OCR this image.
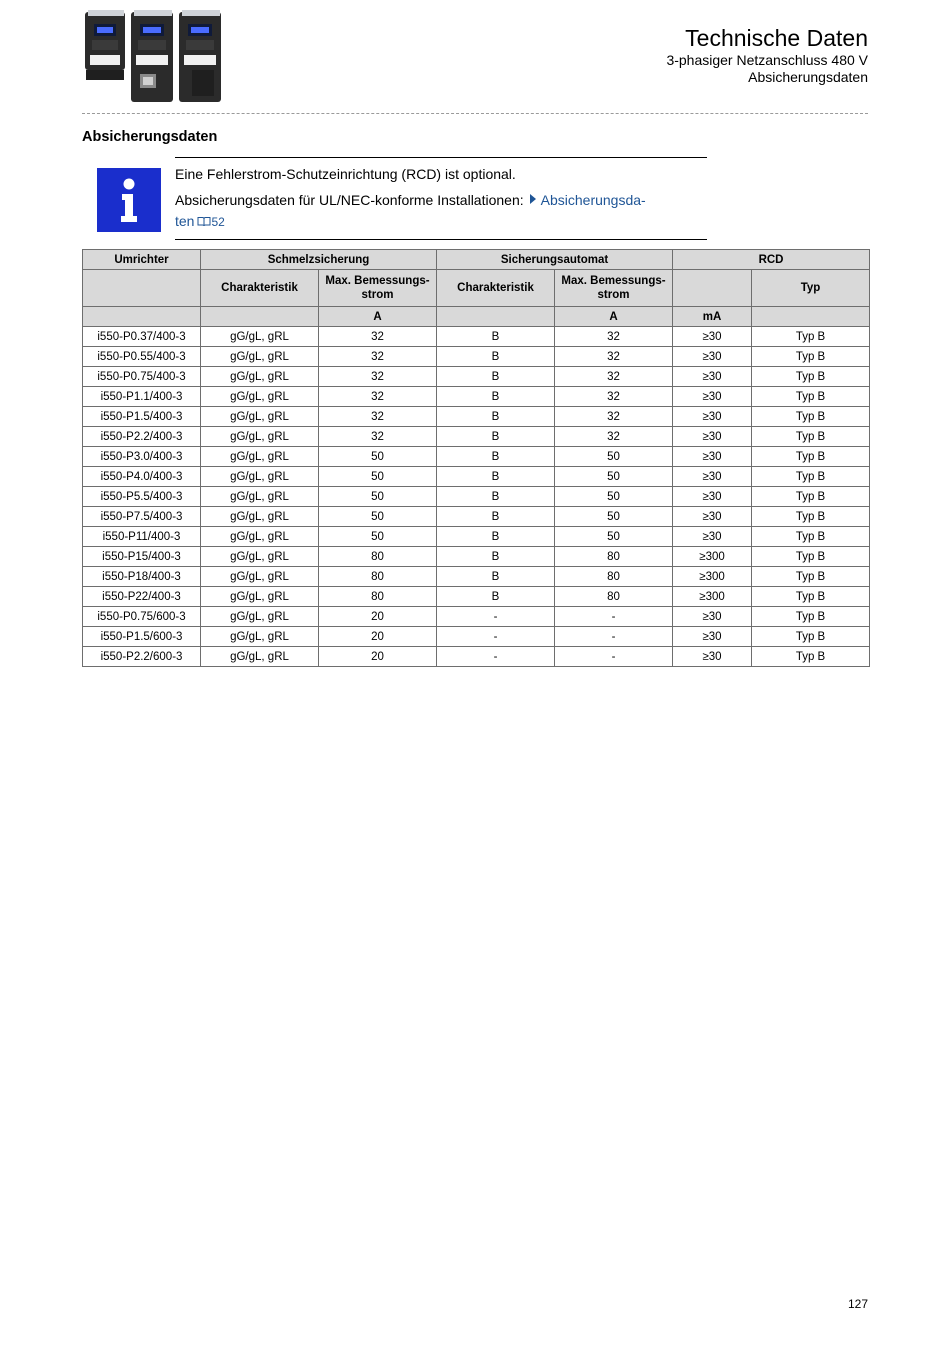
Technische Daten
3-phasiger Netzanschluss 480 V
Absicherungsdaten
Absicherungsdaten
Eine Fehlerstrom-Schutzeinrichtung (RCD) ist optional.
Absicherungsdaten für UL/NEC-konforme Installationen: Absicherungsda-
ten 52
Umrichter	Schmelzsicherung		Sicherungsautomat		RCD	
	Charakteristik	Max. Bemessungs-strom	Charakteristik	Max. Bemessungs-strom		Typ
		A		A	mA	
i550-P0.37/400-3	gG/gL, gRL	32	B	32	≥30	Typ B
i550-P0.55/400-3	gG/gL, gRL	32	B	32	≥30	Typ B
i550-P0.75/400-3	gG/gL, gRL	32	B	32	≥30	Typ B
i550-P1.1/400-3	gG/gL, gRL	32	B	32	≥30	Typ B
i550-P1.5/400-3	gG/gL, gRL	32	B	32	≥30	Typ B
i550-P2.2/400-3	gG/gL, gRL	32	B	32	≥30	Typ B
i550-P3.0/400-3	gG/gL, gRL	50	B	50	≥30	Typ B
i550-P4.0/400-3	gG/gL, gRL	50	B	50	≥30	Typ B
i550-P5.5/400-3	gG/gL, gRL	50	B	50	≥30	Typ B
i550-P7.5/400-3	gG/gL, gRL	50	B	50	≥30	Typ B
i550-P11/400-3	gG/gL, gRL	50	B	50	≥30	Typ B
i550-P15/400-3	gG/gL, gRL	80	B	80	≥300	Typ B
i550-P18/400-3	gG/gL, gRL	80	B	80	≥300	Typ B
i550-P22/400-3	gG/gL, gRL	80	B	80	≥300	Typ B
i550-P0.75/600-3	gG/gL, gRL	20	-	-	≥30	Typ B
i550-P1.5/600-3	gG/gL, gRL	20	-	-	≥30	Typ B
i550-P2.2/600-3	gG/gL, gRL	20	-	-	≥30	Typ B
127
